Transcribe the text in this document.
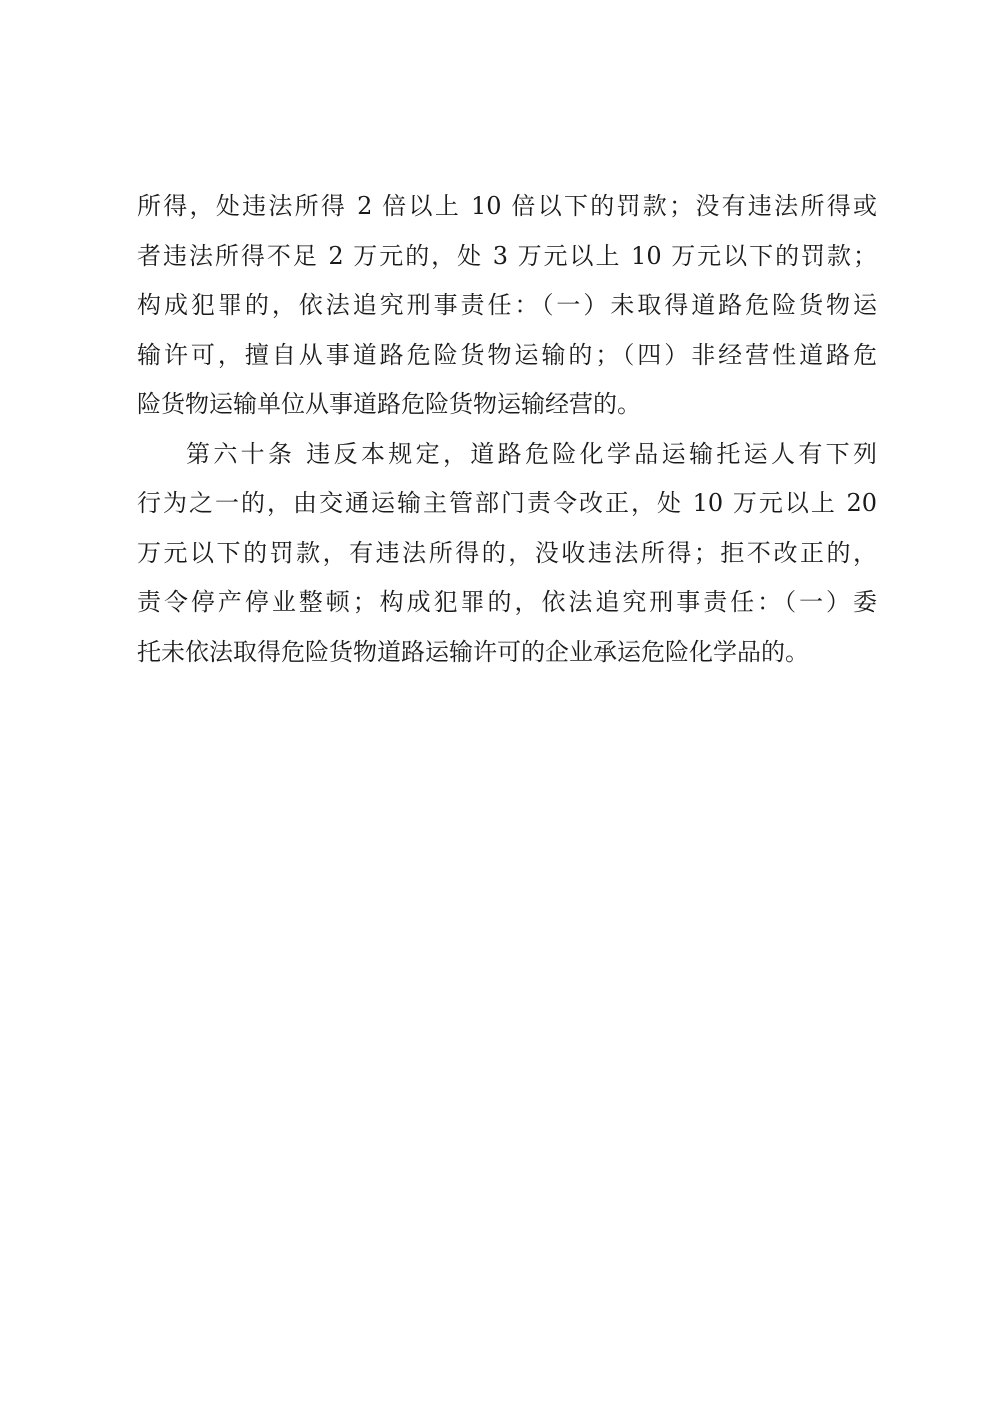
所得，处违法所得 2 倍以上 10 倍以下的罚款；没有违法所得或
者违法所得不足 2 万元的，处 3 万元以上 10 万元以下的罚款；
构成犯罪的，依法追究刑事责任：（一）未取得道路危险货物运
输许可，擅自从事道路危险货物运输的；（四）非经营性道路危
险货物运输单位从事道路危险货物运输经营的。
第六十条 违反本规定，道路危险化学品运输托运人有下列
行为之一的，由交通运输主管部门责令改正，处 10 万元以上 20
万元以下的罚款，有违法所得的，没收违法所得；拒不改正的，
责令停产停业整顿；构成犯罪的，依法追究刑事责任：（一）委
托未依法取得危险货物道路运输许可的企业承运危险化学品的。
